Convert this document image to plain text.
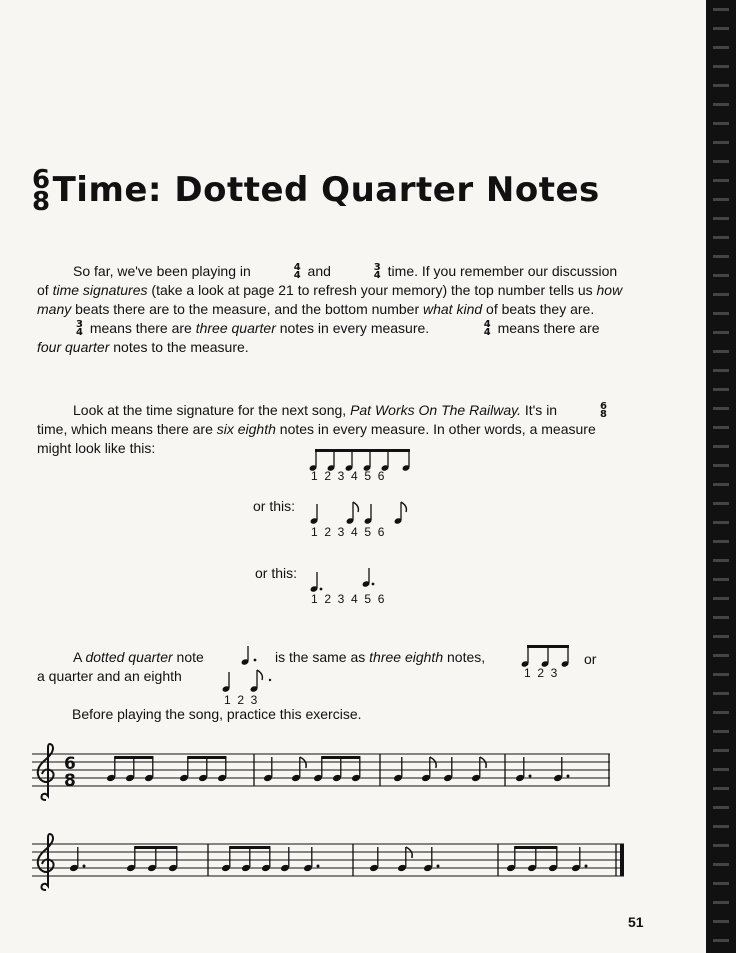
6
8 Time: Dotted Quarter Notes

So far, we've been playing in	4
4 and	3
4 time. If you remember our discussion of time signatures (take a look at page 21 to refresh your memory) the top number tells us how many beats there are to the measure, and the bottom number what kind of beats they are.
3
4 means there are three quarter notes in every measure.	4
4 means there are four quarter notes to the measure.

Look at the time signature for the next song, Pat Works On The Railway. It's in	6
8
time, which means there are six eighth notes in every measure. In other words, a measure might look like this:

1  2  3  4  5  6
or this:
1  2  3  4  5  6
or this:
1  2  3  4  5  6
A dotted quarter note	is the same as three eighth notes,
1  2  3
or
a quarter and an eighth
1  2  3
Before playing the song, practice this exercise.
6
8
51
